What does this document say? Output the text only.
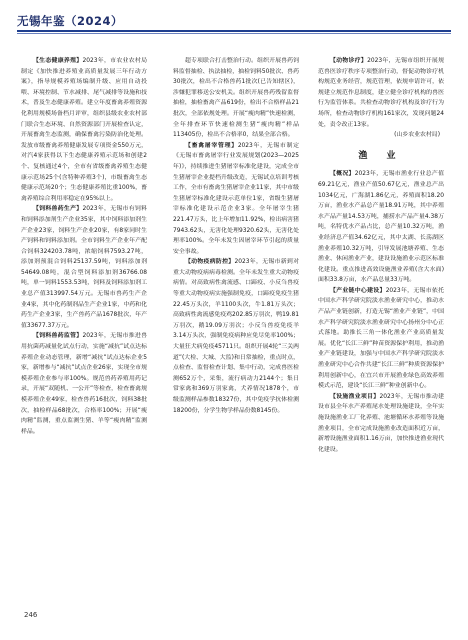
无锡年鉴（2024）

【生态健康养殖】2023年，市农业农村局制定《加快推进养殖业高质量发展三年行动方案》，指导规模养殖场编制升级、应用自动投喂、环境控制、节水减排、尾气减排等设施和技术，普及生态健康养殖。建立年度畜禽养殖资源化利用规模场备档月评审，组织县级农业农村部门联合生态环境、自然资源部门开展检查认定，开展畜禽生态监测，确保畜禽污染防治化处理。发放市级畜禽养殖健康发展专项资金550万元，对汽4家获得以下生态健康养殖示范场和创建2个、复核通过4个，全市有省级畜禽养殖生态健康示范场25个(含特种养殖3个)，市级畜禽生态健康示范场20个；生态健康养殖比重100%，畜禽养殖综合利用率稳定在95%以上。

【饲料兽药生产】2023年，无锡市有饲料和饲料添加剂生产企业35家，其中饲料添加剂生产企业23家，饲料生产企业20家，有8家同时生产饲料和饲料添加剂。全市饲料生产企业年产配合饲料324203.78吨，浓缩饲料7593.27吨，添加剂预混合饲料25137.59吨，饲料添加剂54649.08吨，混合型饲料添加剂36766.08吨，单一饲料1553.53吨，饲料及饲料添加剂工业总产值313997.54万元。无锡市兽药生产企业4家，其中化药制剂品生产企业1家，中药和化药生产企业3家，生产兽药产品1678批次，年产值33677.37万元。

【饲料兽药监管】2023年，无锡市推进兽用抗菌药减量化试点行动，实施“减抗”试点达标养殖企业动态管理，新增“减抗”试点达标企业5家，新增参与“减抗”试点企业26家，实现全市规模养殖企业参与率100%。规范兽药养殖用药记录，开展“双随机、一公开”等检查，检查畜禽规模养殖企业49家，检查兽药16批次，饲料38批次，抽检样品68批次，合格率100%；开展“瘦肉精”监测，重点监测生猪、羊等“瘦肉精”监测样品。

超专项联合打击整治行动。组织开展兽药饲料监督抽检、执法抽检，抽检饲料50批次、兽药30批次，检出不合格兽药1批次(已告知辖区)，涉嫌犯罪移送公安机关。组织开展兽药残留监督抽检，抽检畜禽产品619份，检出不合格样品21批次，全部依规处理。开展“瘦肉精”快速检测，全年排查环节快速检测生猪“瘦肉精”样品113405份，检出不合格率0，结果全部合格。

【畜禽屠宰管理】2023年，无锡市制定《无锡市畜禽屠宰行业发展规划(2023—2025年)》，持续推进生猪屠宰标准化建设，完成全市生猪屠宰企业提档升级改造，无锡试点培训考核工作，全市有畜禽生猪屠宰企业11家，其中市级生猪屠宰标准化建设示范单位1家，省级生猪屠宰标准化建设示范企业3家。全年屠宰生猪221.47万头，比上年增加11.92%，检出病害猪7943.62头，无害化处理9320.62头，无害化处理率100%。全年未发生因屠宰环节引起的质量安全事故。

【动物疫病防控】2023年，无锡市新到对重大动物疫病病毒检测。全年未发生重大动物疫病情。对高致病性禽流感、口蹄疫、小反刍兽疫等重大动物疫病实施强制免疫，口蹄疫免疫生猪22.45万头次，羊1100头次，牛1.81万头次；高致病性禽流感免疫鸡202.85万羽次，鸭19.81万羽次，鹅19.09万羽次；小反刍兽疫免疫羊3.14万头次，强制免疫病种应免尽免率100%；大量狂犬病免疫45711只。组织开展4轮“三关两道”(大检、大城、大监)和日常抽检，重点时点，点检查、监督检查计划、集中行动，完成兽医检测652万个，采集，流行病动力2144个；集日常家禽和369万羽家禽，犬养情况1878个，市级监测样品参数18327份，其中免疫学抗体检测18200份，分学生物学样品份数8145份。

【动物诊疗】2023年，无锡市组织开展规范兽医诊疗秩序专项整治行动，督促动物诊疗机构规范业务经营，规范管理，依规申请许可，依规建立规范作息制度，建立健全诊疗机构的兽医行为监管体系。共检查动物诊疗机构及诊疗行为场所，检查动物诊疗机构161家次，发现问题24处，责令改正13家。

(山乡农业农村局)

渔 业

【概况】2023年，无锡市渔业行业总产值69.21亿元，渔业产值50.67亿元，渔业总产出1034亿元，广海湖1.86亿元，养殖面积18.20万亩，渔业水产品总产量18.91万吨，其中养殖水产品产量14.53万吨，捕捞水产品产量4.38万吨，名特优水产品占比，总产量10.32万吨，渔业经济总产值34.62亿元，其中太湖、长荡湖区渔业养殖10.32万吨，引导发展池塘养殖、生态渔业、休闲渔业产业，建设设施渔业示范区标准化建设。重点推进高效设施渔业养殖(含大水面)面积33.8万亩，水产品总量33万吨。

【产业链中心建设】2023年，无锡市依托中国水产科学研究院淡水渔业研究中心，推动水产品产业链创新，打造无锡“渔业产业链”，中国水产科学研究院淡水渔业研究中心扬州分中心正式落地。助推长三角一体化渔业产业高质量发展。优化“长江三鲜”种苗资源保护利用，推动渔业产业链建设，加强与中国水产科学研究院淡水渔业研究中心合作共建“长江三鲜”种质资源保护利用创新中心，在宜兴市开展渔业绿色高效养殖模式示范，建设“长江三鲜”种业创新中心。

【设施渔业项目】2023年，无锡市推动建设市县全年水产养殖尾水处理设施建设，全年实施设施渔业工厂化养殖、池塘循环水养殖等设施渔业项目，全市完成设施渔业改造面积近万亩，新增设施渔业面积1.16万亩，加快推进渔业现代化建设。

246
